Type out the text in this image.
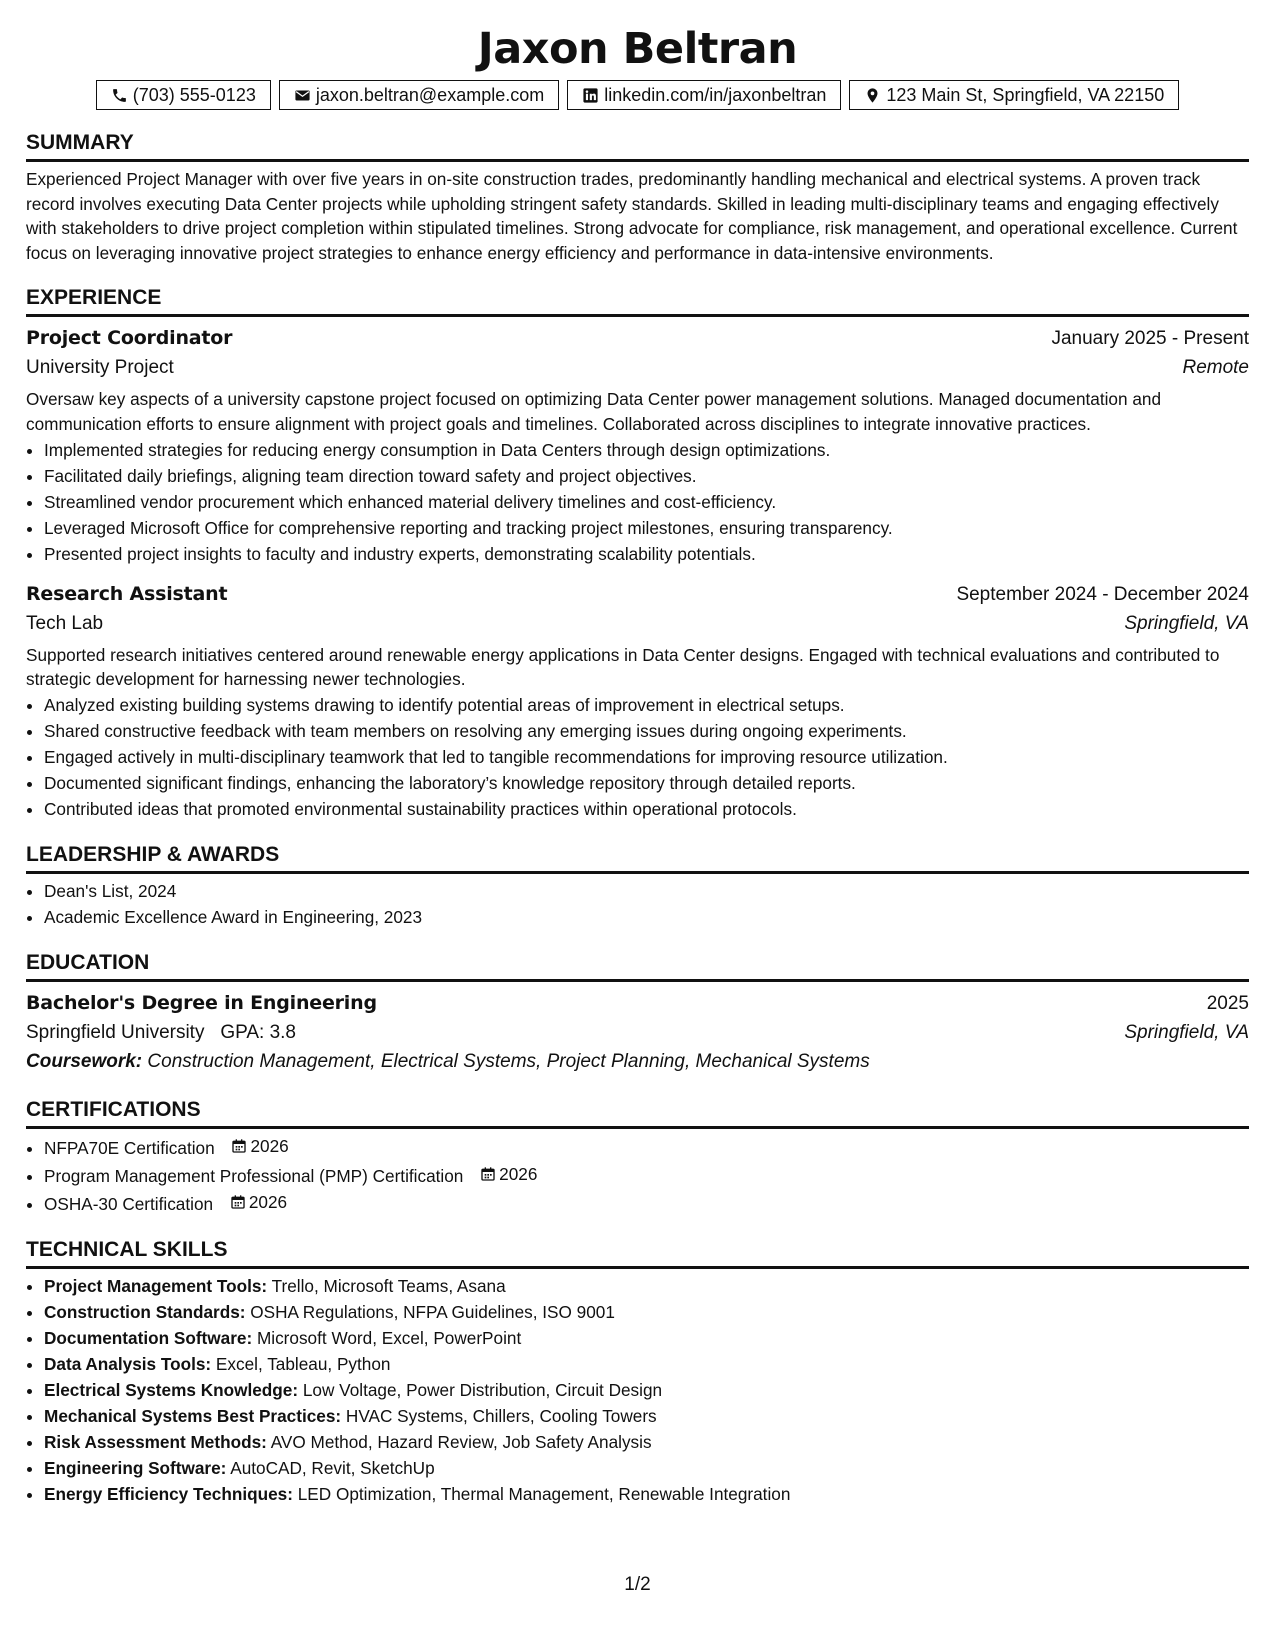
Jaxon Beltran
(703) 555-0123	jaxon.beltran@example.com	linkedin.com/in/jaxonbeltran	123 Main St, Springfield, VA 22150
SUMMARY

Experienced Project Manager with over five years in on-site construction trades, predominantly handling mechanical and electrical systems. A proven track record involves executing Data Center projects while upholding stringent safety standards. Skilled in leading multi-disciplinary teams and engaging effectively with stakeholders to drive project completion within stipulated timelines. Strong advocate for compliance, risk management, and operational excellence. Current focus on leveraging innovative project strategies to enhance energy efficiency and performance in data-intensive environments.

EXPERIENCE
Project Coordinator	January 2025 - Present
University Project	Remote

Oversaw key aspects of a university capstone project focused on optimizing Data Center power management solutions. Managed documentation and communication efforts to ensure alignment with project goals and timelines. Collaborated across disciplines to integrate innovative practices.

• Implemented strategies for reducing energy consumption in Data Centers through design optimizations.
• Facilitated daily briefings, aligning team direction toward safety and project objectives.
• Streamlined vendor procurement which enhanced material delivery timelines and cost-efficiency.
• Leveraged Microsoft Office for comprehensive reporting and tracking project milestones, ensuring transparency.
• Presented project insights to faculty and industry experts, demonstrating scalability potentials.
Research Assistant	September 2024 - December 2024
Tech Lab	Springfield, VA

Supported research initiatives centered around renewable energy applications in Data Center designs. Engaged with technical evaluations and contributed to strategic development for harnessing newer technologies.

• Analyzed existing building systems drawing to identify potential areas of improvement in electrical setups.
• Shared constructive feedback with team members on resolving any emerging issues during ongoing experiments.
• Engaged actively in multi-disciplinary teamwork that led to tangible recommendations for improving resource utilization.
• Documented significant findings, enhancing the laboratory’s knowledge repository through detailed reports.
• Contributed ideas that promoted environmental sustainability practices within operational protocols.
LEADERSHIP & AWARDS
• Dean's List, 2024
• Academic Excellence Award in Engineering, 2023
EDUCATION
Bachelor's Degree in Engineering	2025
Springfield University GPA: 3.8	Springfield, VA
Coursework: Construction Management, Electrical Systems, Project Planning, Mechanical Systems
CERTIFICATIONS
• NFPA70E Certification 2026
• Program Management Professional (PMP) Certification 2026
• OSHA-30 Certification 2026
TECHNICAL SKILLS
• Project Management Tools: Trello, Microsoft Teams, Asana
• Construction Standards: OSHA Regulations, NFPA Guidelines, ISO 9001
• Documentation Software: Microsoft Word, Excel, PowerPoint
• Data Analysis Tools: Excel, Tableau, Python
• Electrical Systems Knowledge: Low Voltage, Power Distribution, Circuit Design
• Mechanical Systems Best Practices: HVAC Systems, Chillers, Cooling Towers
• Risk Assessment Methods: AVO Method, Hazard Review, Job Safety Analysis
• Engineering Software: AutoCAD, Revit, SketchUp
• Energy Efficiency Techniques: LED Optimization, Thermal Management, Renewable Integration
1/2
